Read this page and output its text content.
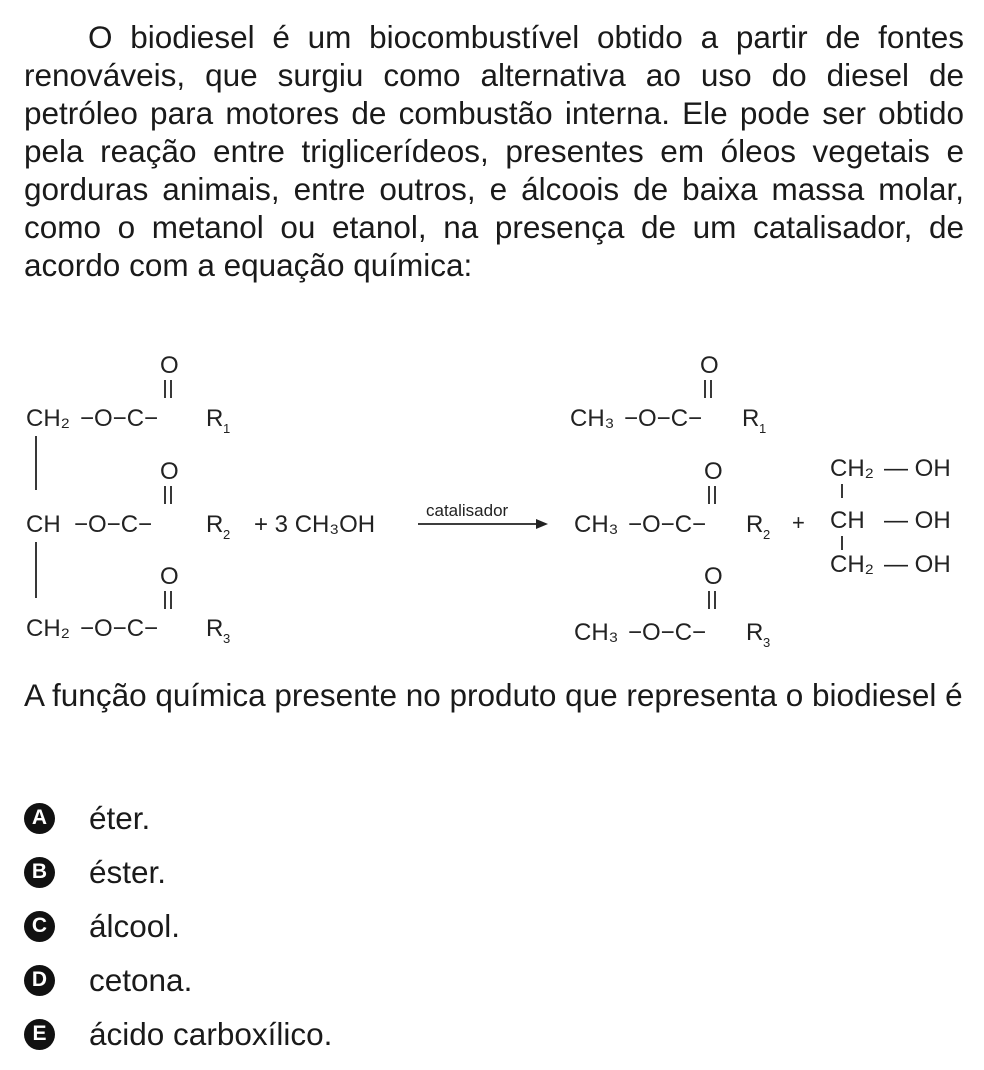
O biodiesel é um biocombustível obtido a partir de fontes renováveis, que surgiu como alternativa ao uso do diesel de petróleo para motores de combustão interna. Ele pode ser obtido pela reação entre triglicerídeos, presentes em óleos vegetais e gorduras animais, entre outros, e álcoois de baixa massa molar, como o metanol ou etanol, na presença de um catalisador, de acordo com a equação química:

O
CH₂ −O−C− R 1
O
CH −O−C− R 2
O
CH₂ −O−C− R 3
+ 3 CH₃OH
catalisador
O
CH₃ −O−C− R 1
O
CH₃ −O−C− R 2
O
CH₃ −O−C− R 3
+
CH₂ — OH
CH — OH
CH₂ — OH

A função química presente no produto que representa o biodiesel é

A éter.
B éster.
C álcool.
D cetona.
E ácido carboxílico.
